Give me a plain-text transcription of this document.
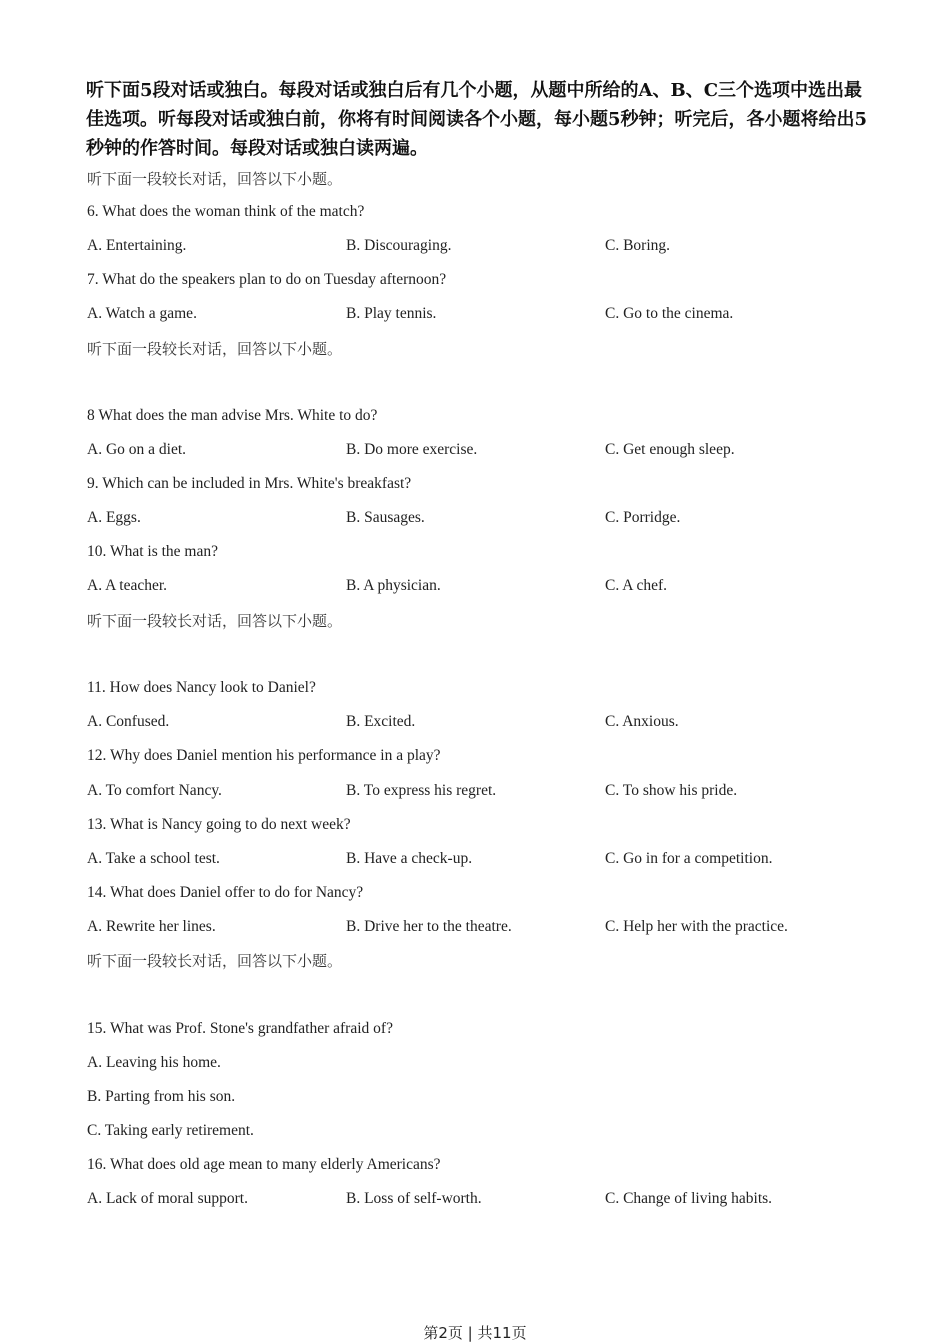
听下面5段对话或独白。每段对话或独白后有几个小题，从题中所给的A、B、C三个选项中选出最佳选项。听每段对话或独白前，你将有时间阅读各个小题，每小题5秒钟；听完后，各小题将给出5秒钟的作答时间。每段对话或独白读两遍。
听下面一段较长对话，回答以下小题。
6. What does the woman think of the match?
A. Entertaining.	B. Discouraging.	C. Boring.
7. What do the speakers plan to do on Tuesday afternoon?
A. Watch a game.	B. Play tennis.	C. Go to the cinema.
听下面一段较长对话，回答以下小题。
8 What does the man advise Mrs. White to do?
A. Go on a diet.	B. Do more exercise.	C. Get enough sleep.
9. Which can be included in Mrs. White's breakfast?
A. Eggs.	B. Sausages.	C. Porridge.
10. What is the man?
A. A teacher.	B. A physician.	C. A chef.
听下面一段较长对话，回答以下小题。
11. How does Nancy look to Daniel?
A. Confused.	B. Excited.	C. Anxious.
12. Why does Daniel mention his performance in a play?
A. To comfort Nancy.	B. To express his regret.	C. To show his pride.
13. What is Nancy going to do next week?
A. Take a school test.	B. Have a check-up.	C. Go in for a competition.
14. What does Daniel offer to do for Nancy?
A. Rewrite her lines.	B. Drive her to the theatre.	C. Help her with the practice.
听下面一段较长对话，回答以下小题。
15. What was Prof. Stone's grandfather afraid of?
A. Leaving his home.
B. Parting from his son.
C. Taking early retirement.
16. What does old age mean to many elderly Americans?
A. Lack of moral support.	B. Loss of self-worth.	C. Change of living habits.
第2页 | 共11页
